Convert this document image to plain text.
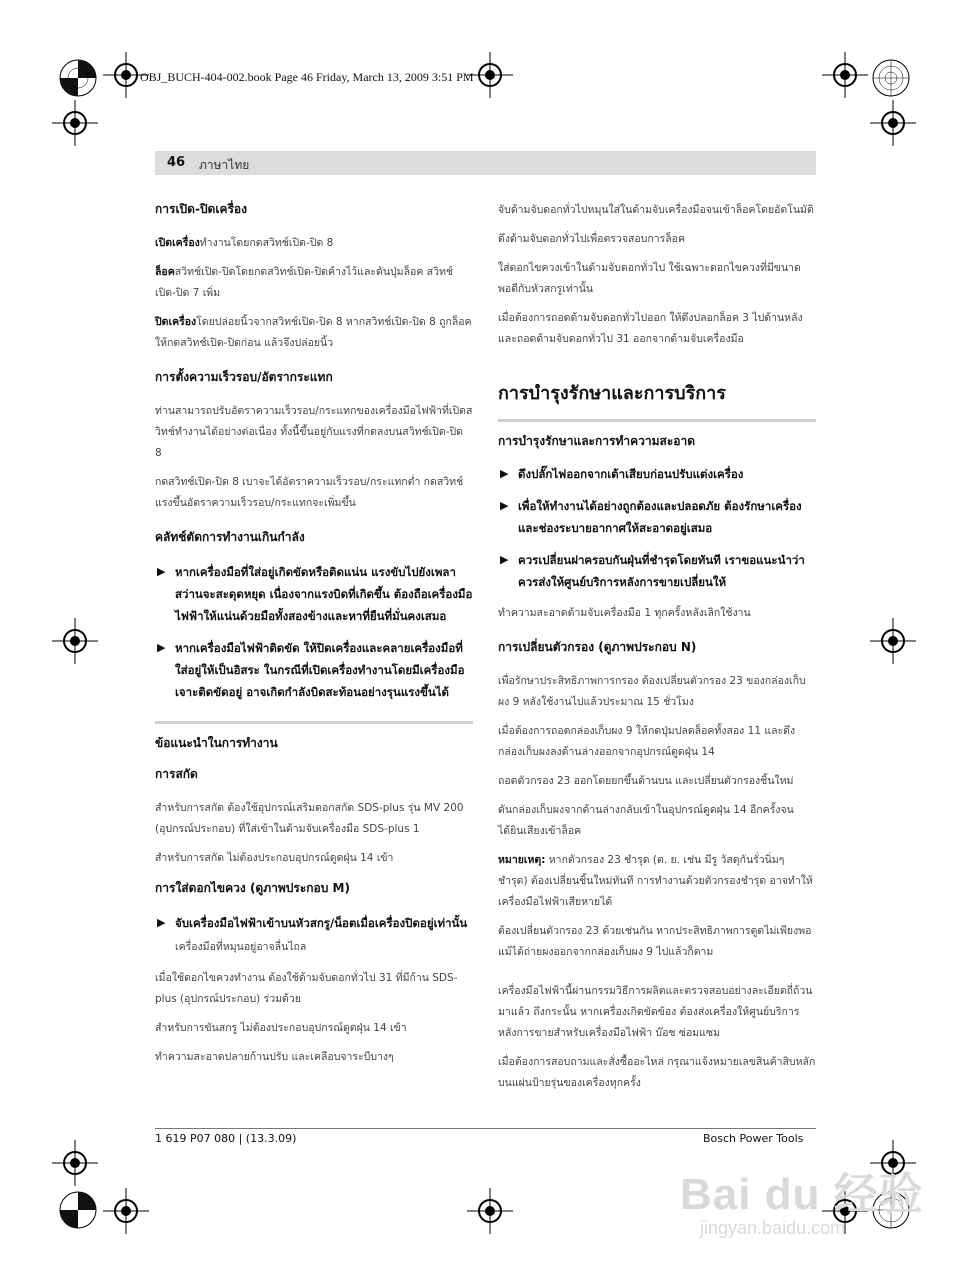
OBJ_BUCH-404-002.book Page 46 Friday, March 13, 2009 3:51 PM
46 ภาษาไทย
การเปิด-ปิดเครื่อง

เปิดเครื่องทำงานโดยกดสวิทช์เปิด-ปิด 8

ล็อคสวิทช์เปิด-ปิดโดยกดสวิทช์เปิด-ปิดค้างไว้และดันปุ่มล็อค สวิทช์เปิด-ปิด 7 เพิ่ม

ปิดเครื่องโดยปล่อยนิ้วจากสวิทช์เปิด-ปิด 8 หากสวิทช์เปิด-ปิด 8 ถูกล็อค ให้กดสวิทช์เปิด-ปิดก่อน แล้วจึงปล่อยนิ้ว

การตั้งความเร็วรอบ/อัตรากระแทก

ท่านสามารถปรับอัตราความเร็วรอบ/กระแทกของเครื่องมือไฟฟ้าที่เปิดสวิทช์ทำงานได้อย่างต่อเนื่อง ทั้งนี้ขึ้นอยู่กับแรงที่กดลงบนสวิทช์เปิด-ปิด 8

กดสวิทช์เปิด-ปิด 8 เบาจะได้อัตราความเร็วรอบ/กระแทกต่ำ กดสวิทช์แรงขึ้นอัตราความเร็วรอบ/กระแทกจะเพิ่มขึ้น

คลัทช์ตัดการทำงานเกินกำลัง
▶ หากเครื่องมือที่ใส่อยู่เกิดขัดหรือติดแน่น แรงขับไปยังเพลาสว่านจะสะดุดหยุด เนื่องจากแรงบิดที่เกิดขึ้น ต้องถือเครื่องมือไฟฟ้าให้แน่นด้วยมือทั้งสองข้างและหาที่ยืนที่มั่นคงเสมอ
▶ หากเครื่องมือไฟฟ้าติดขัด ให้ปิดเครื่องและคลายเครื่องมือที่ใส่อยู่ให้เป็นอิสระ ในกรณีที่เปิดเครื่องทำงานโดยมีเครื่องมือเจาะติดขัดอยู่ อาจเกิดกำลังบิดสะท้อนอย่างรุนแรงขึ้นได้
ข้อแนะนำในการทำงาน
การสกัด

สำหรับการสกัด ต้องใช้อุปกรณ์เสริมดอกสกัด SDS-plus รุ่น MV 200 (อุปกรณ์ประกอบ) ที่ใส่เข้าในด้ามจับเครื่องมือ SDS-plus 1

สำหรับการสกัด ไม่ต้องประกอบอุปกรณ์ดูดฝุ่น 14 เข้า

การใส่ดอกไขควง (ดูภาพประกอบ M)
▶ จับเครื่องมือไฟฟ้าเข้าบนหัวสกรู/น็อตเมื่อเครื่องปิดอยู่เท่านั้น เครื่องมือที่หมุนอยู่อาจลื่นไถล

เมื่อใช้ดอกไขควงทำงาน ต้องใช้ด้ามจับดอกทั่วไป 31 ที่มีก้าน SDS-plus (อุปกรณ์ประกอบ) ร่วมด้วย

สำหรับการขันสกรู ไม่ต้องประกอบอุปกรณ์ดูดฝุ่น 14 เข้า

ทำความสะอาดปลายก้านปรับ และเคลือบจาระบีบางๆ

จับด้ามจับดอกทั่วไปหมุนใส่ในด้ามจับเครื่องมือจนเข้าล็อคโดยอัตโนมัติ

ดึงด้ามจับดอกทั่วไปเพื่อตรวจสอบการล็อค

ใส่ดอกไขควงเข้าในด้ามจับดอกทั่วไป ใช้เฉพาะดอกไขควงที่มีขนาดพอดีกับหัวสกรูเท่านั้น

เมื่อต้องการถอดด้ามจับดอกทั่วไปออก ให้ดึงปลอกล็อค 3 ไปด้านหลัง และถอดด้ามจับดอกทั่วไป 31 ออกจากด้ามจับเครื่องมือ

การบำรุงรักษาและการบริการ
การบำรุงรักษาและการทำความสะอาด
▶ ดึงปลั๊กไฟออกจากเต้าเสียบก่อนปรับแต่งเครื่อง
▶ เพื่อให้ทำงานได้อย่างถูกต้องและปลอดภัย ต้องรักษาเครื่องและช่องระบายอากาศให้สะอาดอยู่เสมอ
▶ ควรเปลี่ยนฝาครอบกันฝุ่นที่ชำรุดโดยทันที เราขอแนะนำว่า ควรส่งให้ศูนย์บริการหลังการขายเปลี่ยนให้

ทำความสะอาดด้ามจับเครื่องมือ 1 ทุกครั้งหลังเลิกใช้งาน

การเปลี่ยนตัวกรอง (ดูภาพประกอบ N)

เพื่อรักษาประสิทธิภาพการกรอง ต้องเปลี่ยนตัวกรอง 23 ของกล่องเก็บผง 9 หลังใช้งานไปแล้วประมาณ 15 ชั่วโมง

เมื่อต้องการถอดกล่องเก็บผง 9 ให้กดปุ่มปลดล็อคทั้งสอง 11 และดึงกล่องเก็บผงลงด้านล่างออกจากอุปกรณ์ดูดฝุ่น 14

ถอดตัวกรอง 23 ออกโดยยกขึ้นด้านบน และเปลี่ยนตัวกรองชิ้นใหม่

ดันกล่องเก็บผงจากด้านล่างกลับเข้าในอุปกรณ์ดูดฝุ่น 14 อีกครั้งจนได้ยินเสียงเข้าล็อค

หมายเหตุ: หากตัวกรอง 23 ชำรุด (ต. ย. เช่น มีรู วัสดุกันรั่วนิ่มๆ ชำรุด) ต้องเปลี่ยนชิ้นใหม่ทันที การทำงานด้วยตัวกรองชำรุด อาจทำให้เครื่องมือไฟฟ้าเสียหายได้

ต้องเปลี่ยนตัวกรอง 23 ด้วยเช่นกัน หากประสิทธิภาพการดูดไม่เพียงพอ แม้ได้ถ่ายผงออกจากกล่องเก็บผง 9 ไปแล้วก็ตาม

เครื่องมือไฟฟ้านี้ผ่านกรรมวิธีการผลิตและตรวจสอบอย่างละเอียดถี่ถ้วนมาแล้ว ถึงกระนั้น หากเครื่องเกิดขัดข้อง ต้องส่งเครื่องให้ศูนย์บริการหลังการขายสำหรับเครื่องมือไฟฟ้า บ๊อช ซ่อมแซม

เมื่อต้องการสอบถามและสั่งซื้ออะไหล่ กรุณาแจ้งหมายเลขสินค้าสิบหลักบนแผ่นป้ายรุ่นของเครื่องทุกครั้ง

1 619 P07 080 | (13.3.09)	Bosch Power Tools
Bai du 经验
jingyan.baidu.com
